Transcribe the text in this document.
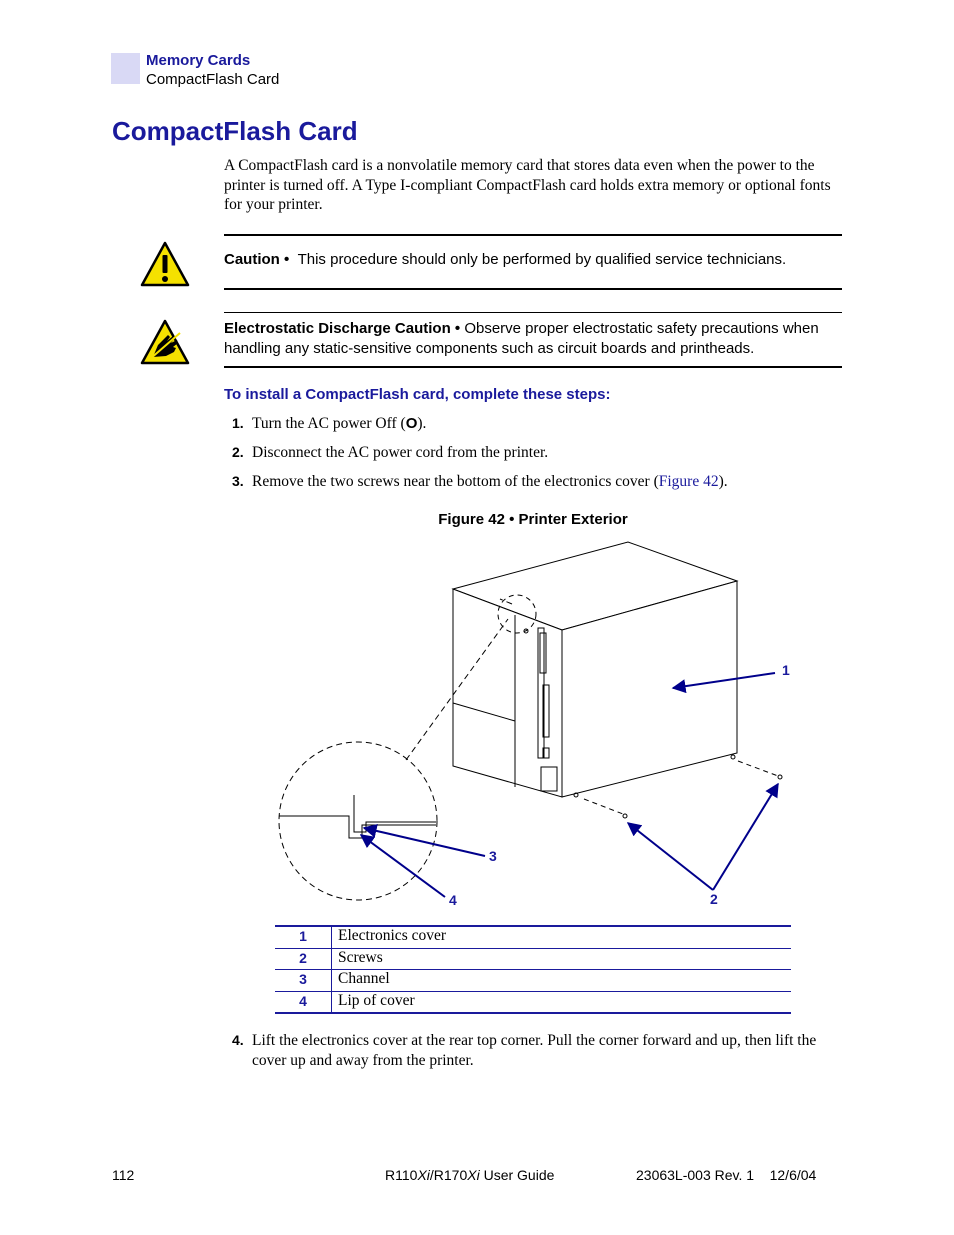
Memory Cards
CompactFlash Card
CompactFlash Card
A CompactFlash card is a nonvolatile memory card that stores data even when the power to the printer is turned off. A Type I-compliant CompactFlash card holds extra memory or optional fonts for your printer.
Caution • This procedure should only be performed by qualified service technicians.
Electrostatic Discharge Caution • Observe proper electrostatic safety precautions when handling any static-sensitive components such as circuit boards and printheads.
To install a CompactFlash card, complete these steps:
1. Turn the AC power Off (O).
2. Disconnect the AC power cord from the printer.
3. Remove the two screws near the bottom of the electronics cover (Figure 42).
Figure 42 • Printer Exterior
1
2
3
4
1	Electronics cover
2	Screws
3	Channel
4	Lip of cover
4. Lift the electronics cover at the rear top corner. Pull the corner forward and up, then lift the cover up and away from the printer.
112	R110Xi/R170Xi User Guide	23063L-003 Rev. 1    12/6/04
